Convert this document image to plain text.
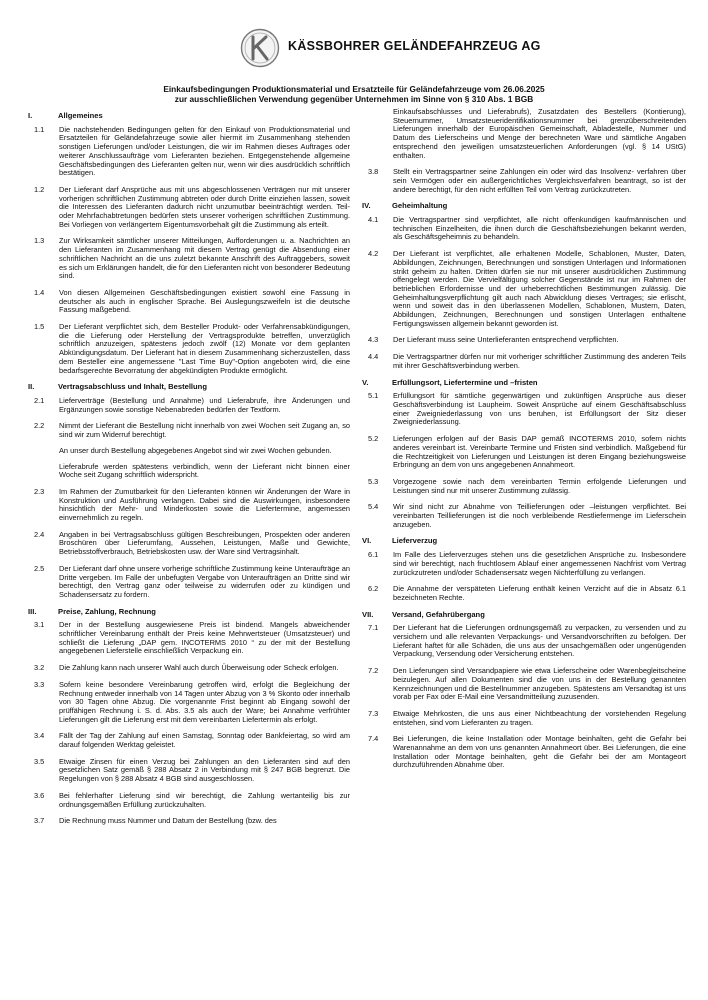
KÄSSBOHRER GELÄNDEFAHRZEUG AG
Einkaufsbedingungen Produktionsmaterial und Ersatzteile für Geländefahrzeuge vom 26.06.2025
zur ausschließlichen Verwendung gegenüber Unternehmen im Sinne von § 310 Abs. 1 BGB
I.	Allgemeines
1.1	Die nachstehenden Bedingungen gelten für den Einkauf von Produktionsmaterial und Ersatzteilen für Geländefahrzeuge sowie aller hiermit im Zusammenhang stehenden sonstigen Lieferungen und/oder Leistungen, die wir im Rahmen dieses Auftrages oder weiterer Anschlussaufträge vom Lieferanten beziehen. Entgegenstehende allgemeine Geschäftsbedingungen des Lieferanten gelten nur, wenn wir dies ausdrücklich schriftlich bestätigen.
1.2	Der Lieferant darf Ansprüche aus mit uns abgeschlossenen Verträgen nur mit unserer vorherigen schriftlichen Zustimmung abtreten oder durch Dritte einziehen lassen, soweit die Interessen des Lieferanten dadurch nicht unzumutbar beeinträchtigt werden. Teil- oder Mehrfachabtretungen bedürfen stets unserer vorherigen schriftlichen Zustimmung. Bei Vorliegen von verlängertem Eigentumsvorbehalt gilt die Zustimmung als erteilt.
1.3	Zur Wirksamkeit sämtlicher unserer Mitteilungen, Aufforderungen u. a. Nachrichten an den Lieferanten im Zusammenhang mit diesem Vertrag genügt die Absendung einer schriftlichen Nachricht an die uns zuletzt bekannte Anschrift des Auftraggebers, soweit es sich um Erklärungen handelt, die für den Lieferanten nicht von besonderer Bedeutung sind.
1.4	Von diesen Allgemeinen Geschäftsbedingungen existiert sowohl eine Fassung in deutscher als auch in englischer Sprache. Bei Auslegungszweifeln ist die deutsche Fassung maßgebend.
1.5	Der Lieferant verpflichtet sich, dem Besteller Produkt- oder Verfahrensabkündigungen, die die Lieferung oder Herstellung der Vertragsprodukte betreffen, unverzüglich schriftlich anzuzeigen, spätestens jedoch zwölf (12) Monate vor dem geplanten Abkündigungsdatum. Der Lieferant hat in diesem Zusammenhang sicherzustellen, dass dem Besteller eine angemessene "Last Time Buy"-Option angeboten wird, die eine bedarfsgerechte Bevorratung der abgekündigten Produkte ermöglicht.
II.	Vertragsabschluss und Inhalt, Bestellung
2.1	Lieferverträge (Bestellung und Annahme) und Lieferabrufe, ihre Änderungen und Ergänzungen sowie sonstige Nebenabreden bedürfen der Textform.
2.2	Nimmt der Lieferant die Bestellung nicht innerhalb von zwei Wochen seit Zugang an, so sind wir zum Widerruf berechtigt.

An unser durch Bestellung abgegebenes Angebot sind wir zwei Wochen gebunden.

Lieferabrufe werden spätestens verbindlich, wenn der Lieferant nicht binnen einer Woche seit Zugang schriftlich widerspricht.

2.3	Im Rahmen der Zumutbarkeit für den Lieferanten können wir Änderungen der Ware in Konstruktion und Ausführung verlangen. Dabei sind die Auswirkungen, insbesondere hinsichtlich der Mehr- und Minderkosten sowie die Liefertermine, angemessen einvernehmlich zu regeln.
2.4	Angaben in bei Vertragsabschluss gültigen Beschreibungen, Prospekten oder anderen Broschüren über Lieferumfang, Aussehen, Leistungen, Maße und Gewichte, Betriebsstoffverbrauch, Betriebskosten usw. der Ware sind Vertragsinhalt.
2.5	Der Lieferant darf ohne unsere vorherige schriftliche Zustimmung keine Unteraufträge an Dritte vergeben. Im Falle der unbefugten Vergabe von Unteraufträgen an Dritte sind wir berechtigt, den Vertrag ganz oder teilweise zu widerrufen oder zu kündigen und Schadensersatz zu fordern.
III.	Preise, Zahlung, Rechnung
3.1	Der in der Bestellung ausgewiesene Preis ist bindend. Mangels abweichender schriftlicher Vereinbarung enthält der Preis keine Mehrwertsteuer (Umsatzsteuer) und schließt die Lieferung „DAP gem. INCOTERMS 2010 “ zu der mit der Bestellung angegebenen Lieferstelle einschließlich Verpackung ein.
3.2	Die Zahlung kann nach unserer Wahl auch durch Überweisung oder Scheck erfolgen.
3.3	Sofern keine besondere Vereinbarung getroffen wird, erfolgt die Begleichung der Rechnung entweder innerhalb von 14 Tagen unter Abzug von 3 % Skonto oder innerhalb von 30 Tagen ohne Abzug. Die vorgenannte Frist beginnt ab Eingang sowohl der prüffähigen Rechnung i. S. d. Abs. 3.5 als auch der Ware; bei Annahme verfrühter Lieferungen gilt die Lieferung erst mit dem vereinbarten Liefertermin als erfolgt.
3.4	Fällt der Tag der Zahlung auf einen Samstag, Sonntag oder Bankfeiertag, so wird am darauf folgenden Werktag geleistet.
3.5	Etwaige Zinsen für einen Verzug bei Zahlungen an den Lieferanten sind auf den gesetzlichen Satz gemäß § 288 Absatz 2 in Verbindung mit § 247 BGB begrenzt. Die Regelungen von § 288 Absatz 4 BGB sind ausgeschlossen.
3.6	Bei fehlerhafter Lieferung sind wir berechtigt, die Zahlung wertanteilig bis zur ordnungsgemäßen Erfüllung zurückzuhalten.
3.7	Die Rechnung muss Nummer und Datum der Bestellung (bzw. des
Einkaufsabschlusses und Lieferabrufs), Zusatzdaten des Bestellers (Kontierung), Steuernummer, Umsatzsteueridentifikationsnummer bei grenzüberschreitenden Lieferungen innerhalb der Europäischen Gemeinschaft, Abladestelle, Nummer und Datum des Lieferscheins und Menge der berechneten Ware und sämtliche Angaben entsprechend den jeweiligen umsatzsteuerlichen Anforderungen (vgl. § 14 UStG) enthalten.
3.8	Stellt ein Vertragspartner seine Zahlungen ein oder wird das Insolvenz- verfahren über sein Vermögen oder ein außergerichtliches Vergleichsverfahren beantragt, so ist der andere berechtigt, für den nicht erfüllten Teil vom Vertrag zurückzutreten.
IV.	Geheimhaltung
4.1	Die Vertragspartner sind verpflichtet, alle nicht offenkundigen kaufmännischen und technischen Einzelheiten, die ihnen durch die Geschäftsbeziehungen bekannt werden, als Geschäftsgeheimnis zu behandeln.
4.2	Der Lieferant ist verpflichtet, alle erhaltenen Modelle, Schablonen, Muster, Daten, Abbildungen, Zeichnungen, Berechnungen und sonstigen Unterlagen und Informationen strikt geheim zu halten. Dritten dürfen sie nur mit unserer ausdrücklichen Zustimmung offengelegt werden. Die Vervielfältigung solcher Gegenstände ist nur im Rahmen der betrieblichen Erfordernisse und der urheberrechtlichen Bestimmungen zulässig. Die Geheimhaltungsverpflichtung gilt auch nach Abwicklung dieses Vertrages; sie erlischt, wenn und soweit das in den überlassenen Modellen, Schablonen, Mustern, Daten, Abbildungen, Zeichnungen, Berechnungen und sonstigen Unterlagen enthaltene Fertigungswissen allgemein bekannt geworden ist.
4.3	Der Lieferant muss seine Unterlieferanten entsprechend verpflichten.
4.4	Die Vertragspartner dürfen nur mit vorheriger schriftlicher Zustimmung des anderen Teils mit ihrer Geschäftsverbindung werben.
V.	Erfüllungsort, Liefertermine und –fristen
5.1	Erfüllungsort für sämtliche gegenwärtigen und zukünftigen Ansprüche aus dieser Geschäftsverbindung ist Laupheim. Soweit Ansprüche auf einem Geschäftsabschluss einer Zweigniederlassung von uns beruhen, ist Erfüllungsort der Sitz dieser Zweigniederlassung.
5.2	Lieferungen erfolgen auf der Basis DAP gemäß INCOTERMS 2010, sofern nichts anderes vereinbart ist. Vereinbarte Termine und Fristen sind verbindlich. Maßgebend für die Rechtzeitigkeit von Lieferungen und Leistungen ist deren Eingang beziehungsweise Erbringung an dem von uns angegebenen Annahmeort.
5.3	Vorgezogene sowie nach dem vereinbarten Termin erfolgende Lieferungen und Leistungen sind nur mit unserer Zustimmung zulässig.
5.4	Wir sind nicht zur Abnahme von Teillieferungen oder –leistungen verpflichtet. Bei vereinbarten Teillieferungen ist die noch verbleibende Restliefermenge im Lieferschein anzugeben.
VI.	Lieferverzug
6.1	Im Falle des Lieferverzuges stehen uns die gesetzlichen Ansprüche zu. Insbesondere sind wir berechtigt, nach fruchtlosem Ablauf einer angemessenen Nachfrist vom Vertrag zurückzutreten und/oder Schadensersatz wegen Nichterfüllung zu verlangen.
6.2	Die Annahme der verspäteten Lieferung enthält keinen Verzicht auf die in Absatz 6.1 bezeichneten Rechte.
VII.	Versand, Gefahrübergang
7.1	Der Lieferant hat die Lieferungen ordnungsgemäß zu verpacken, zu versenden und zu versichern und alle relevanten Verpackungs- und Versandvorschriften zu befolgen. Der Lieferant haftet für alle Schäden, die uns aus der unsachgemäßen oder ungenügenden Verpackung, Versendung oder Versicherung entstehen.
7.2	Den Lieferungen sind Versandpapiere wie etwa Lieferscheine oder Warenbegleitscheine beizulegen. Auf allen Dokumenten sind die von uns in der Bestellung genannten Kennzeichnungen und die Bestellnummer anzugeben. Spätestens am Versandtag ist uns vorab per Fax oder E-Mail eine Versandmitteilung zuzusenden.
7.3	Etwaige Mehrkosten, die uns aus einer Nichtbeachtung der vorstehenden Regelung entstehen, sind vom Lieferanten zu tragen.
7.4	Bei Lieferungen, die keine Installation oder Montage beinhalten, geht die Gefahr bei Warenannahme an dem von uns genannten Annahmeort über. Bei Lieferungen, die eine Installation oder Montage beinhalten, geht die Gefahr bei der am Montageort durchzuführenden Abnahme über.
